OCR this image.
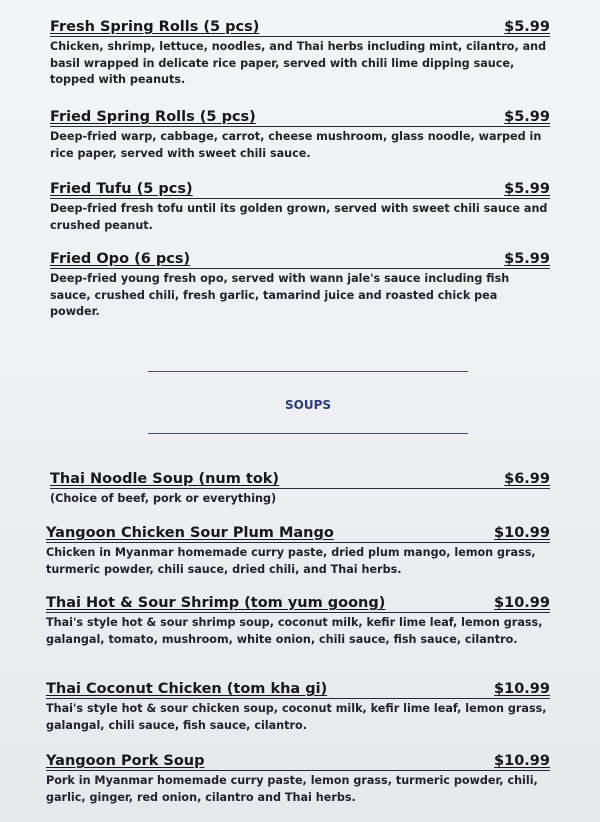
Fresh Spring Rolls (5 pcs)	$5.99
Chicken, shrimp, lettuce, noodles, and Thai herbs including mint, cilantro, and basil wrapped in delicate rice paper, served with chili lime dipping sauce, topped with peanuts.
Fried Spring Rolls (5 pcs)	$5.99
Deep-fried warp, cabbage, carrot, cheese mushroom, glass noodle, warped in rice paper, served with sweet chili sauce.
Fried Tufu (5 pcs)	$5.99
Deep-fried fresh tofu until its golden grown, served with sweet chili sauce and crushed peanut.
Fried Opo (6 pcs)	$5.99
Deep-fried young fresh opo, served with wann jale's sauce including fish sauce, crushed chili, fresh garlic, tamarind juice and roasted chick pea powder.
SOUPS
Thai Noodle Soup (num tok)	$6.99
(Choice of beef, pork or everything)
Yangoon Chicken Sour Plum Mango	$10.99
Chicken in Myanmar homemade curry paste, dried plum mango, lemon grass, turmeric powder, chili sauce, dried chili, and Thai herbs.
Thai Hot & Sour Shrimp (tom yum goong)	$10.99
Thai's style hot & sour shrimp soup, coconut milk, kefir lime leaf, lemon grass, galangal, tomato, mushroom, white onion, chili sauce, fish sauce, cilantro.
Thai Coconut Chicken (tom kha gi)	$10.99
Thai's style hot & sour chicken soup, coconut milk, kefir lime leaf, lemon grass, galangal, chili sauce, fish sauce, cilantro.
Yangoon Pork Soup	$10.99
Pork in Myanmar homemade curry paste, lemon grass, turmeric powder, chili, garlic, ginger, red onion, cilantro and Thai herbs.
